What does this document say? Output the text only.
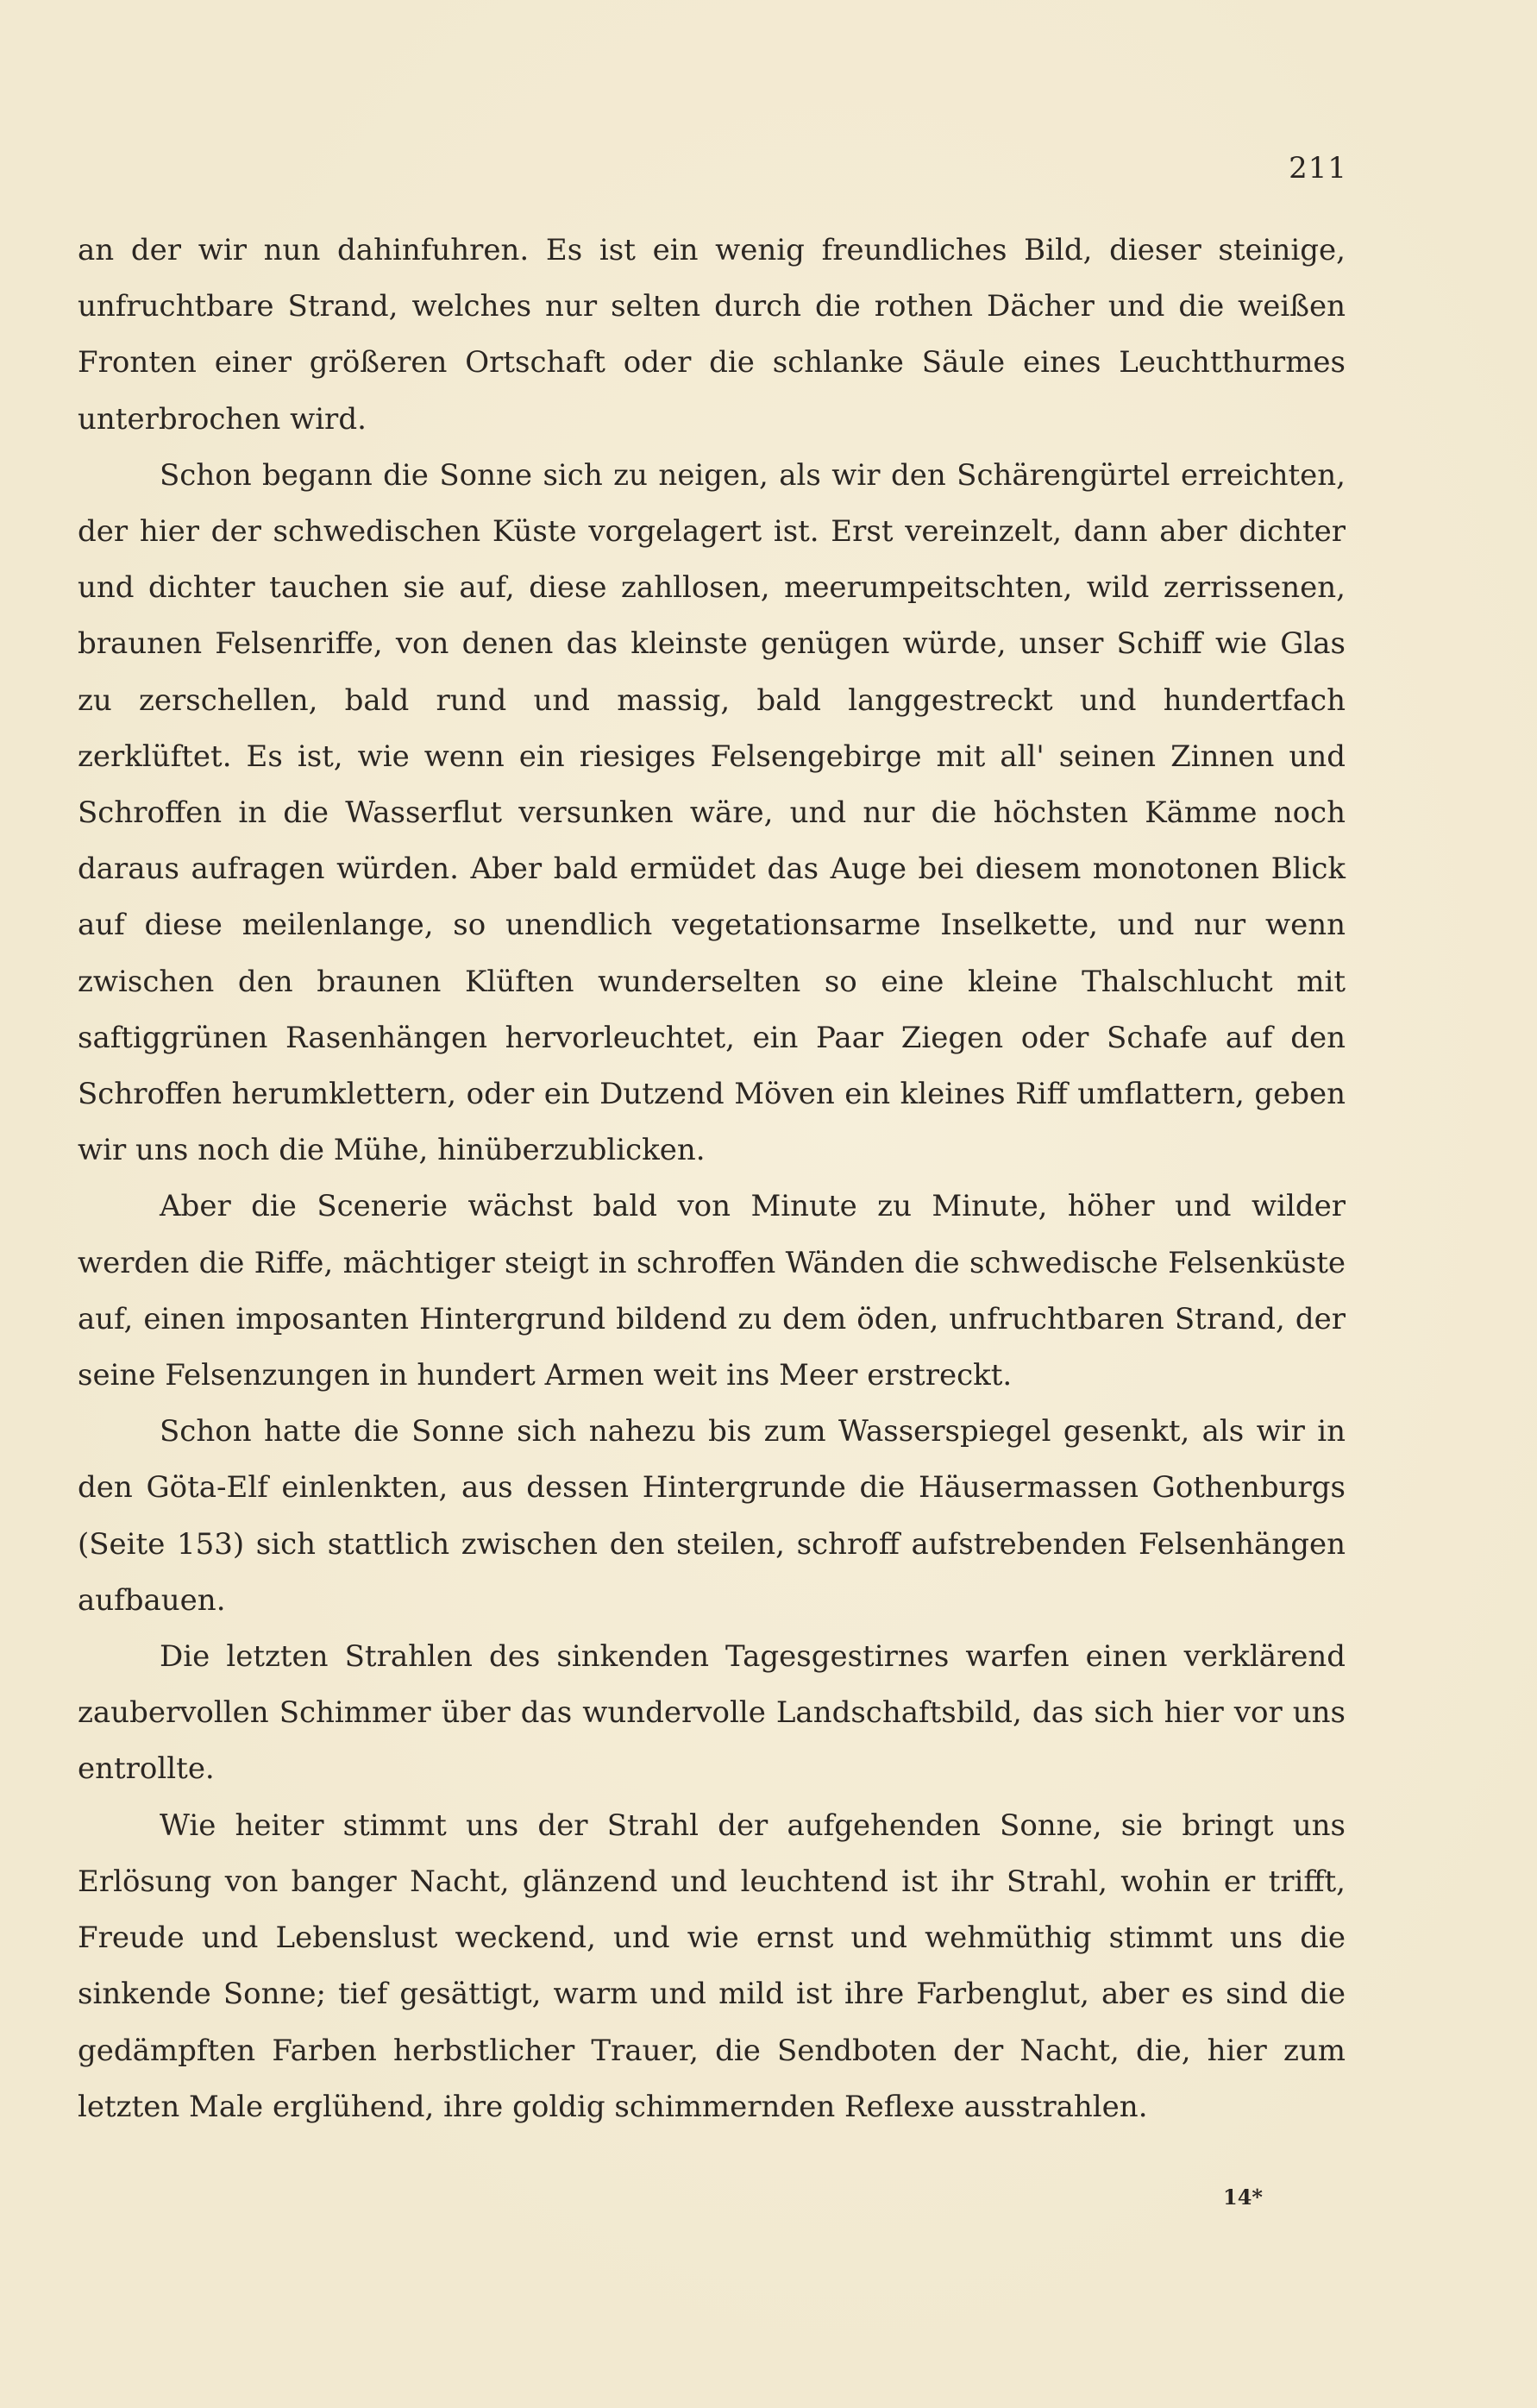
211

an der wir nun dahinfuhren. Es ist ein wenig freundliches Bild, dieser steinige, unfruchtbare Strand, welches nur selten durch die rothen Dächer und die weißen Fronten einer größeren Ortschaft oder die schlanke Säule eines Leuchtthurmes unterbrochen wird.

Schon begann die Sonne sich zu neigen, als wir den Schärengürtel erreichten, der hier der schwedischen Küste vorgelagert ist. Erst vereinzelt, dann aber dichter und dichter tauchen sie auf, diese zahllosen, meerumpeitschten, wild zerrissenen, braunen Felsenriffe, von denen das kleinste genügen würde, unser Schiff wie Glas zu zerschellen, bald rund und massig, bald langgestreckt und hundertfach zerklüftet. Es ist, wie wenn ein riesiges Felsengebirge mit all' seinen Zinnen und Schroffen in die Wasserflut versunken wäre, und nur die höchsten Kämme noch daraus aufragen würden. Aber bald ermüdet das Auge bei diesem monotonen Blick auf diese meilenlange, so unendlich vegetationsarme Inselkette, und nur wenn zwischen den braunen Klüften wunderselten so eine kleine Thalschlucht mit saftiggrünen Rasenhängen hervorleuchtet, ein Paar Ziegen oder Schafe auf den Schroffen herumklettern, oder ein Dutzend Möven ein kleines Riff umflattern, geben wir uns noch die Mühe, hinüberzublicken.

Aber die Scenerie wächst bald von Minute zu Minute, höher und wilder werden die Riffe, mächtiger steigt in schroffen Wänden die schwedische Felsenküste auf, einen imposanten Hintergrund bildend zu dem öden, unfruchtbaren Strand, der seine Felsenzungen in hundert Armen weit ins Meer erstreckt.

Schon hatte die Sonne sich nahezu bis zum Wasserspiegel gesenkt, als wir in den Göta-Elf einlenkten, aus dessen Hintergrunde die Häusermassen Gothenburgs (Seite 153) sich stattlich zwischen den steilen, schroff aufstrebenden Felsenhängen aufbauen.

Die letzten Strahlen des sinkenden Tagesgestirnes warfen einen verklärend zaubervollen Schimmer über das wundervolle Landschaftsbild, das sich hier vor uns entrollte.

Wie heiter stimmt uns der Strahl der aufgehenden Sonne, sie bringt uns Erlösung von banger Nacht, glänzend und leuchtend ist ihr Strahl, wohin er trifft, Freude und Lebenslust weckend, und wie ernst und wehmüthig stimmt uns die sinkende Sonne; tief gesättigt, warm und mild ist ihre Farbenglut, aber es sind die gedämpften Farben herbstlicher Trauer, die Sendboten der Nacht, die, hier zum letzten Male erglühend, ihre goldig schimmernden Reflexe ausstrahlen.

14*
